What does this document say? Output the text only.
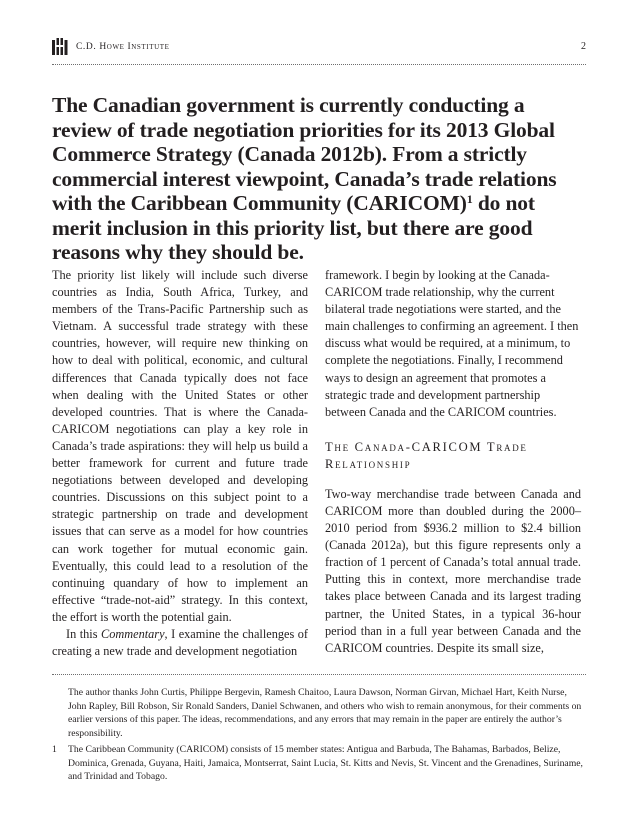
C.D. Howe Institute	2
The Canadian government is currently conducting a review of trade negotiation priorities for its 2013 Global Commerce Strategy (Canada 2012b). From a strictly commercial interest viewpoint, Canada’s trade relations with the Caribbean Community (CARICOM)$^1$ do not merit inclusion in this priority list, but there are good reasons why they should be.

The priority list likely will include such diverse countries as India, South Africa, Turkey, and members of the Trans-Pacific Partnership such as Vietnam. A successful trade strategy with these countries, however, will require new thinking on how to deal with political, economic, and cultural differences that Canada typically does not face when dealing with the United States or other developed countries. That is where the Canada-CARICOM negotiations can play a key role in Canada’s trade aspirations: they will help us build a better framework for current and future trade negotiations between developed and developing countries. Discussions on this subject point to a strategic partnership on trade and development issues that can serve as a model for how countries can work together for mutual economic gain. Eventually, this could lead to a resolution of the continuing quandary of how to implement an effective “trade-not-aid” strategy. In this context, the effort is worth the potential gain.

In this Commentary, I examine the challenges of creating a new trade and development negotiation

framework. I begin by looking at the Canada-CARICOM trade relationship, why the current bilateral trade negotiations were started, and the main challenges to confirming an agreement. I then discuss what would be required, at a minimum, to complete the negotiations. Finally, I recommend ways to design an agreement that promotes a strategic trade and development partnership between Canada and the CARICOM countries.

The Canada-CARICOM Trade Relationship

Two-way merchandise trade between Canada and CARICOM more than doubled during the 2000–2010 period from $936.2 million to $2.4 billion (Canada 2012a), but this figure represents only a fraction of 1 percent of Canada’s total annual trade. Putting this in context, more merchandise trade takes place between Canada and its largest trading partner, the United States, in a typical 36-hour period than in a full year between Canada and the CARICOM countries. Despite its small size,

The author thanks John Curtis, Philippe Bergevin, Ramesh Chaitoo, Laura Dawson, Norman Girvan, Michael Hart, Keith Nurse, John Rapley, Bill Robson, Sir Ronald Sanders, Daniel Schwanen, and others who wish to remain anonymous, for their comments on earlier versions of this paper. The ideas, recommendations, and any errors that may remain in the paper are entirely the author’s responsibility.

1 The Caribbean Community (CARICOM) consists of 15 member states: Antigua and Barbuda, The Bahamas, Barbados, Belize, Dominica, Grenada, Guyana, Haiti, Jamaica, Montserrat, Saint Lucia, St. Kitts and Nevis, St. Vincent and the Grenadines, Suriname, and Trinidad and Tobago.
